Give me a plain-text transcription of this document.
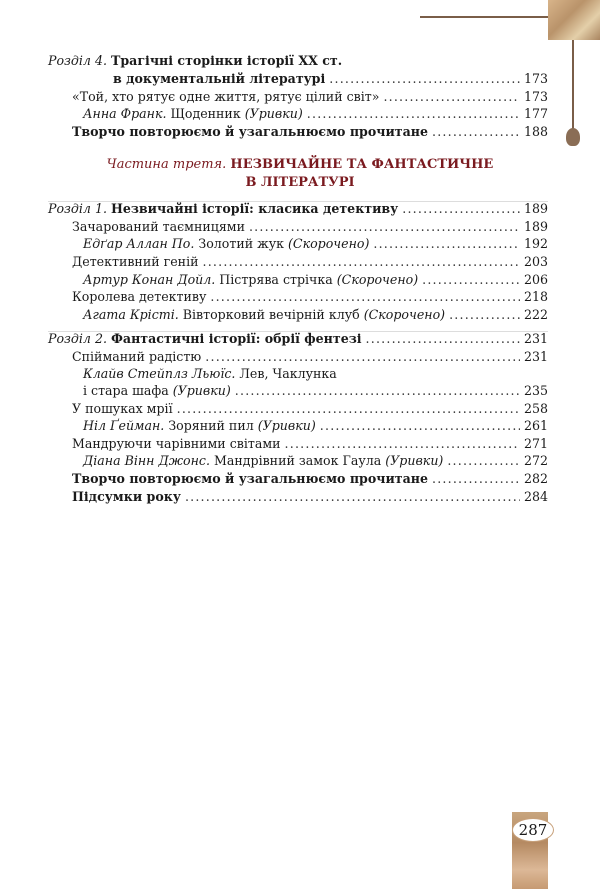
Розділ 4. Трагічні сторінки історії XX ст.
в документальній літературі .....	173
«Той, хто рятує одне життя, рятує цілий світ» .....	173
Анна Франк. Щоденник (Уривки) .....	177
Творчо повторюємо й узагальнюємо прочитане .....	188
Розділ 1. Незвичайні історії: класика детективу .....	189
Зачарований таємницями .....	189
Едґар Аллан По. Золотий жук (Скорочено) .....	192
Детективний геній .....	203
Артур Конан Дойл. Пістрява стрічка (Скорочено) .....	206
Королева детективу .....	218
Агата Крісті. Вівторковий вечірній клуб (Скорочено) .....	222
Розділ 2. Фантастичні історії: обрії фентезі .....	231
Спійманий радістю .....	231
Клайв Стейплз Льюїс. Лев, Чаклунка
і стара шафа (Уривки) .....	235
У пошуках мрії .....	258
Ніл Ґейман. Зоряний пил (Уривки) .....	261
Мандруючи чарівними світами .....	271
Діана Вінн Джонс. Мандрівний замок Гаула (Уривки) .....	272
Творчо повторюємо й узагальнюємо прочитане .....	282
Підсумки року .....	284
Частина третя. НЕЗВИЧАЙНЕ ТА ФАНТАСТИЧНЕ
В ЛІТЕРАТУРІ
287
